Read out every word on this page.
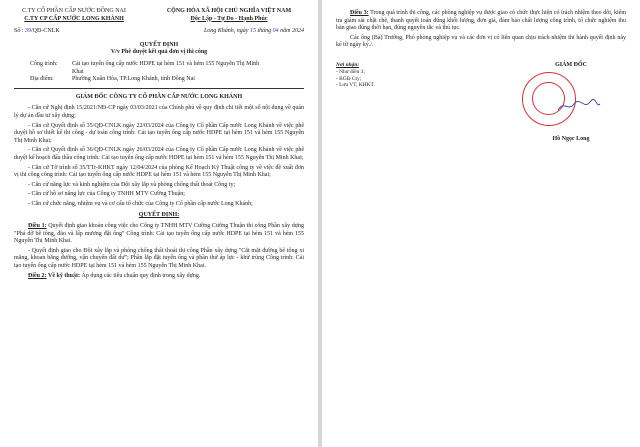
C.TY CỔ PHẦN CẤP NƯỚC ĐỒNG NAI
C.TY CP CẤP NƯỚC LONG KHÁNH
CỘNG HÒA XÃ HỘI CHỦ NGHĨA VIỆT NAM
Độc Lập - Tự Do - Hạnh Phúc
Số : 39/QĐ-CNLK	Long Khánh, ngày 15 tháng 04 năm 2024
QUYẾT ĐỊNH
V/v Phê duyệt kết quả đơn vị thi công
Công trình:	Cải tạo tuyến ống cấp nước HDPE tại hẻm 151 và hẻm 155 Nguyễn Thị Minh Khai
Địa điểm:	Phường Xuân Hòa, TP.Long Khánh, tỉnh Đồng Nai
GIÁM ĐỐC CÔNG TY CỔ PHẦN CẤP NƯỚC LONG KHÁNH
- Căn cứ Nghị định 15/2021/NĐ-CP ngày 03/03/2021 của Chính phủ về quy định chi tiết một số nội dung về quản lý dự án đầu tư xây dựng;
- Căn cứ Quyết định số 35/QĐ-CNLK ngày 22/03/2024 của Công ty Cổ phần Cấp nước Long Khánh về việc phê duyệt hồ sơ thiết kế thi công - dự toán công trình: Cải tạo tuyến ống cấp nước HDPE tại hẻm 151 và hẻm 155 Nguyễn Thị Minh Khai;
- Căn cứ Quyết định số 36/QĐ-CNLK ngày 26/03/2024 của Công ty Cổ phần Cấp nước Long Khánh về việc phê duyệt kế hoạch đấu thầu công trình: Cải tạo tuyến ống cấp nước HDPE tại hẻm 151 và hẻm 155 Nguyễn Thị Minh Khai;
- Căn cứ Tờ trình số 35/TTr-KHKT ngày 12/04/2024 của phòng Kế Hoạch Kỹ Thuật công ty về việc đề xuất đơn vị thi công công trình: Cải tạo tuyến ống cấp nước HDPE tại hẻm 151 và hẻm 155 Nguyễn Thị Minh Khai;
- Căn cứ năng lực và kinh nghiệm của Đội xây lắp và phòng chống thất thoát Công ty;
- Căn cứ hồ sơ năng lực của Công ty TNHH MTV Cường Thuận;
- Căn cứ chức năng, nhiệm vụ và cơ cấu tổ chức của Công ty Cổ phần cấp nước Long Khánh;
QUYẾT ĐỊNH:
Điều 1: Quyết định giao khoán công việc cho Công ty TNHH MTV Cường Cường Thuận thi công Phần xây dựng "Phá dỡ bê tông, đào và lấp mương đặt ống" Công trình: Cải tạo tuyến ống cấp nước HDPE tại hẻm 151 và hẻm 155 Nguyễn Thị Minh Khai.
- Quyết định giao cho Đội xây lắp và phòng chống thất thoát thi công Phần xây dựng "Cắt mặt đường bê tông xi măng, khoan băng đường, vận chuyển đất dư"; Phần lắp đặt tuyến ống và phần thử áp lực - khử trùng Công trình: Cải tạo tuyến ống cấp nước HDPE tại hẻm 151 và hẻm 155 Nguyễn Thị Minh Khai.
Điều 2: Về kỹ thuật: Áp dụng các tiêu chuẩn quy định trong xây dựng.
Điều 3: Trong quá trình thi công, các phòng nghiệp vụ được giao có chức thực hiện có trách nhiệm theo dõi, kiểm tra giám sát chặt chẽ, thanh quyết toán đúng khối lượng, đơn giá, đảm bảo chất lượng công trình, tổ chức nghiệm thu bàn giao đúng thời hạn, đúng nguyên tắc và thủ tục.
Các ông (Bà) Trưởng, Phó phòng nghiệp vụ và các đơn vị có liên quan chịu trách nhiệm thi hành quyết định này kể từ ngày ký./.
Nơi nhận:
- Như điều 3;
- BGĐ Cty;
- Lưu VT, KHKT.
GIÁM ĐỐC
Hồ Ngọc Long
